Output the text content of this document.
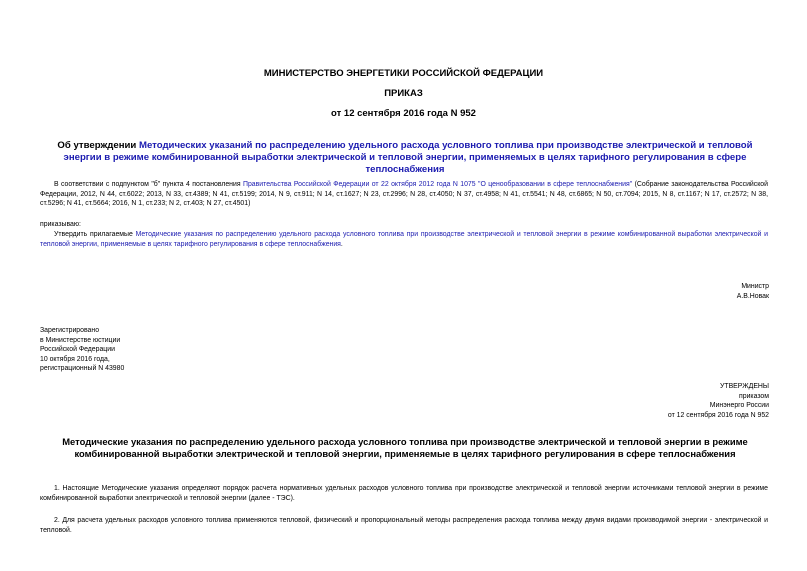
МИНИСТЕРСТВО ЭНЕРГЕТИКИ РОССИЙСКОЙ ФЕДЕРАЦИИ
ПРИКАЗ
от 12 сентября 2016 года N 952
Об утверждении Методических указаний по распределению удельного расхода условного топлива при производстве электрической и тепловой энергии в режиме комбинированной выработки электрической и тепловой энергии, применяемых в целях тарифного регулирования в сфере теплоснабжения
В соответствии с подпунктом "б" пункта 4 постановления Правительства Российской Федерации от 22 октября 2012 года N 1075 "О ценообразовании в сфере теплоснабжения" (Собрание законодательства Российской Федерации, 2012, N 44, ст.6022; 2013, N 33, ст.4389; N 41, ст.5199; 2014, N 9, ст.911; N 14, ст.1627; N 23, ст.2996; N 28, ст.4050; N 37, ст.4958; N 41, ст.5541; N 48, ст.6865; N 50, ст.7094; 2015, N 8, ст.1167; N 17, ст.2572; N 38, ст.5296; N 41, ст.5664; 2016, N 1, ст.233; N 2, ст.403; N 27, ст.4501)
приказываю:
Утвердить прилагаемые Методические указания по распределению удельного расхода условного топлива при производстве электрической и тепловой энергии в режиме комбинированной выработки электрической и тепловой энергии, применяемые в целях тарифного регулирования в сфере теплоснабжения.
Министр
А.В.Новак
Зарегистрировано
в Министерстве юстиции
Российской Федерации
10 октября 2016 года,
регистрационный N 43980
УТВЕРЖДЕНЫ
приказом
Минэнерго России
от 12 сентября 2016 года N 952
Методические указания по распределению удельного расхода условного топлива при производстве электрической и тепловой энергии в режиме комбинированной выработки электрической и тепловой энергии, применяемые в целях тарифного регулирования в сфере теплоснабжения
1. Настоящие Методические указания определяют порядок расчета нормативных удельных расходов условного топлива при производстве электрической и тепловой энергии источниками тепловой энергии в режиме комбинированной выработки электрической и тепловой энергии (далее - ТЭС).
2. Для расчета удельных расходов условного топлива применяются тепловой, физический и пропорциональный методы распределения расхода топлива между двумя видами производимой энергии - электрической и тепловой.
